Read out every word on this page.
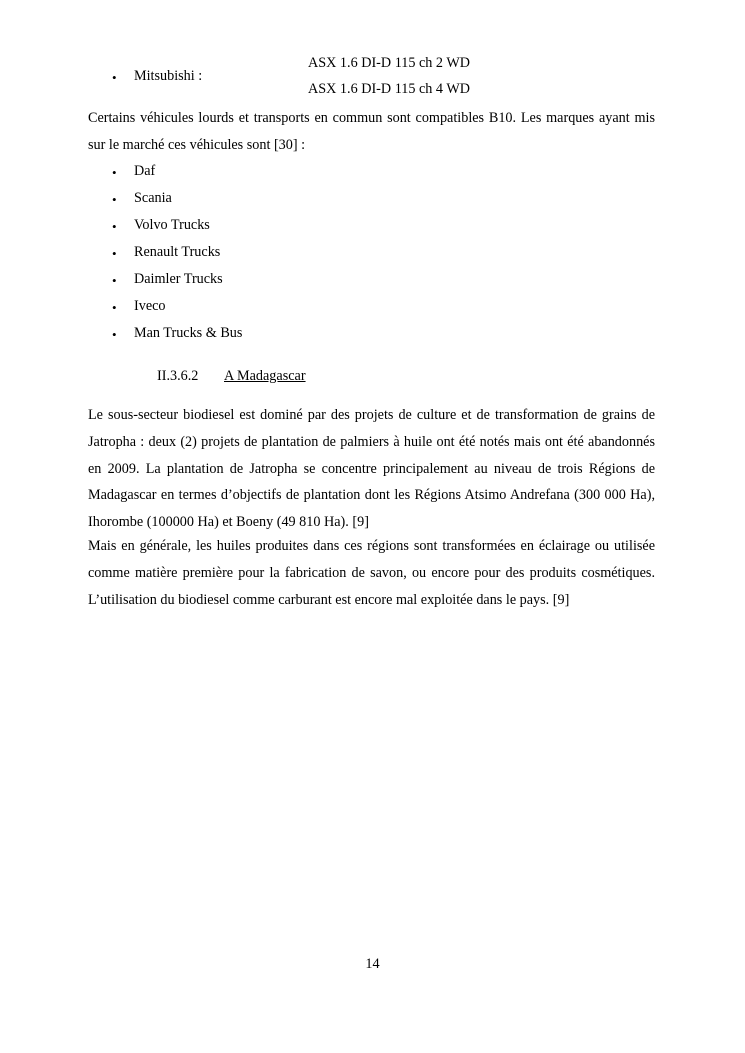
• Mitsubishi :
ASX 1.6 DI-D 115 ch 2 WD
ASX 1.6 DI-D 115 ch 4 WD

Certains véhicules lourds et transports en commun sont compatibles B10. Les marques ayant mis sur le marché ces véhicules sont [30] :

• Daf
• Scania
• Volvo Trucks
• Renault Trucks
• Daimler Trucks
• Iveco
• Man Trucks & Bus
II.3.6.2 A Madagascar

Le sous-secteur biodiesel est dominé par des projets de culture et de transformation de grains de Jatropha : deux (2) projets de plantation de palmiers à huile ont été notés mais ont été abandonnés en 2009. La plantation de Jatropha se concentre principalement au niveau de trois Régions de Madagascar en termes d’objectifs de plantation dont les Régions Atsimo Andrefana (300 000 Ha), Ihorombe (100000 Ha) et Boeny (49 810 Ha). [9]

Mais en générale, les huiles produites dans ces régions sont transformées en éclairage ou utilisée comme matière première pour la fabrication de savon, ou encore pour des produits cosmétiques. L’utilisation du biodiesel comme carburant est encore mal exploitée dans le pays. [9]

14
